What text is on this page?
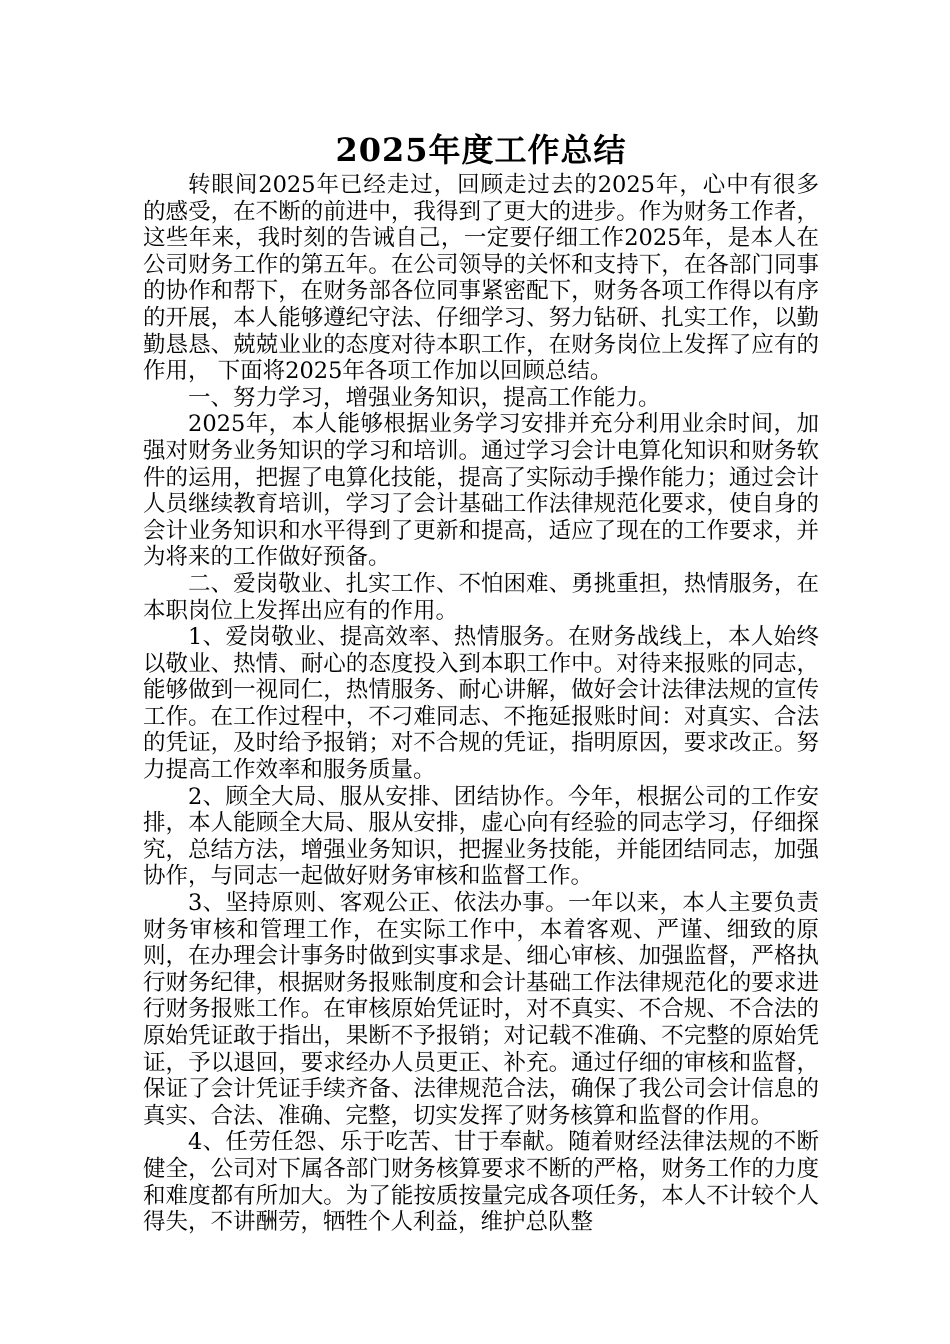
2025年度工作总结

转眼间2025年已经走过，回顾走过去的2025年，心中有很多的感受，在不断的前进中，我得到了更大的进步。作为财务工作者，这些年来，我时刻的告诫自己，一定要仔细工作2025年，是本人在公司财务工作的第五年。在公司领导的关怀和支持下，在各部门同事的协作和帮下，在财务部各位同事紧密配下，财务各项工作得以有序的开展，本人能够遵纪守法、仔细学习、努力钻研、扎实工作，以勤勤恳恳、兢兢业业的态度对待本职工作，在财务岗位上发挥了应有的作用， 下面将2025年各项工作加以回顾总结。

一、努力学习，增强业务知识，提高工作能力。

2025年，本人能够根据业务学习安排并充分利用业余时间，加强对财务业务知识的学习和培训。通过学习会计电算化知识和财务软件的运用，把握了电算化技能，提高了实际动手操作能力；通过会计人员继续教育培训，学习了会计基础工作法律规范化要求，使自身的会计业务知识和水平得到了更新和提高，适应了现在的工作要求，并为将来的工作做好预备。

二、爱岗敬业、扎实工作、不怕困难、勇挑重担，热情服务，在本职岗位上发挥出应有的作用。

1、爱岗敬业、提高效率、热情服务。在财务战线上，本人始终以敬业、热情、耐心的态度投入到本职工作中。对待来报账的同志，能够做到一视同仁，热情服务、耐心讲解，做好会计法律法规的宣传工作。在工作过程中，不刁难同志、不拖延报账时间：对真实、合法的凭证，及时给予报销；对不合规的凭证，指明原因，要求改正。努力提高工作效率和服务质量。

2、顾全大局、服从安排、团结协作。今年，根据公司的工作安排，本人能顾全大局、服从安排，虚心向有经验的同志学习，仔细探究，总结方法，增强业务知识，把握业务技能，并能团结同志，加强协作，与同志一起做好财务审核和监督工作。

3、坚持原则、客观公正、依法办事。一年以来，本人主要负责财务审核和管理工作，在实际工作中，本着客观、严谨、细致的原则，在办理会计事务时做到实事求是、细心审核、加强监督，严格执行财务纪律，根据财务报账制度和会计基础工作法律规范化的要求进行财务报账工作。在审核原始凭证时，对不真实、不合规、不合法的原始凭证敢于指出，果断不予报销；对记载不准确、不完整的原始凭证，予以退回，要求经办人员更正、补充。通过仔细的审核和监督，保证了会计凭证手续齐备、法律规范合法，确保了我公司会计信息的真实、合法、准确、完整，切实发挥了财务核算和监督的作用。

4、任劳任怨、乐于吃苦、甘于奉献。随着财经法律法规的不断健全，公司对下属各部门财务核算要求不断的严格，财务工作的力度和难度都有所加大。为了能按质按量完成各项任务，本人不计较个人得失，不讲酬劳，牺牲个人利益，维护总队整
